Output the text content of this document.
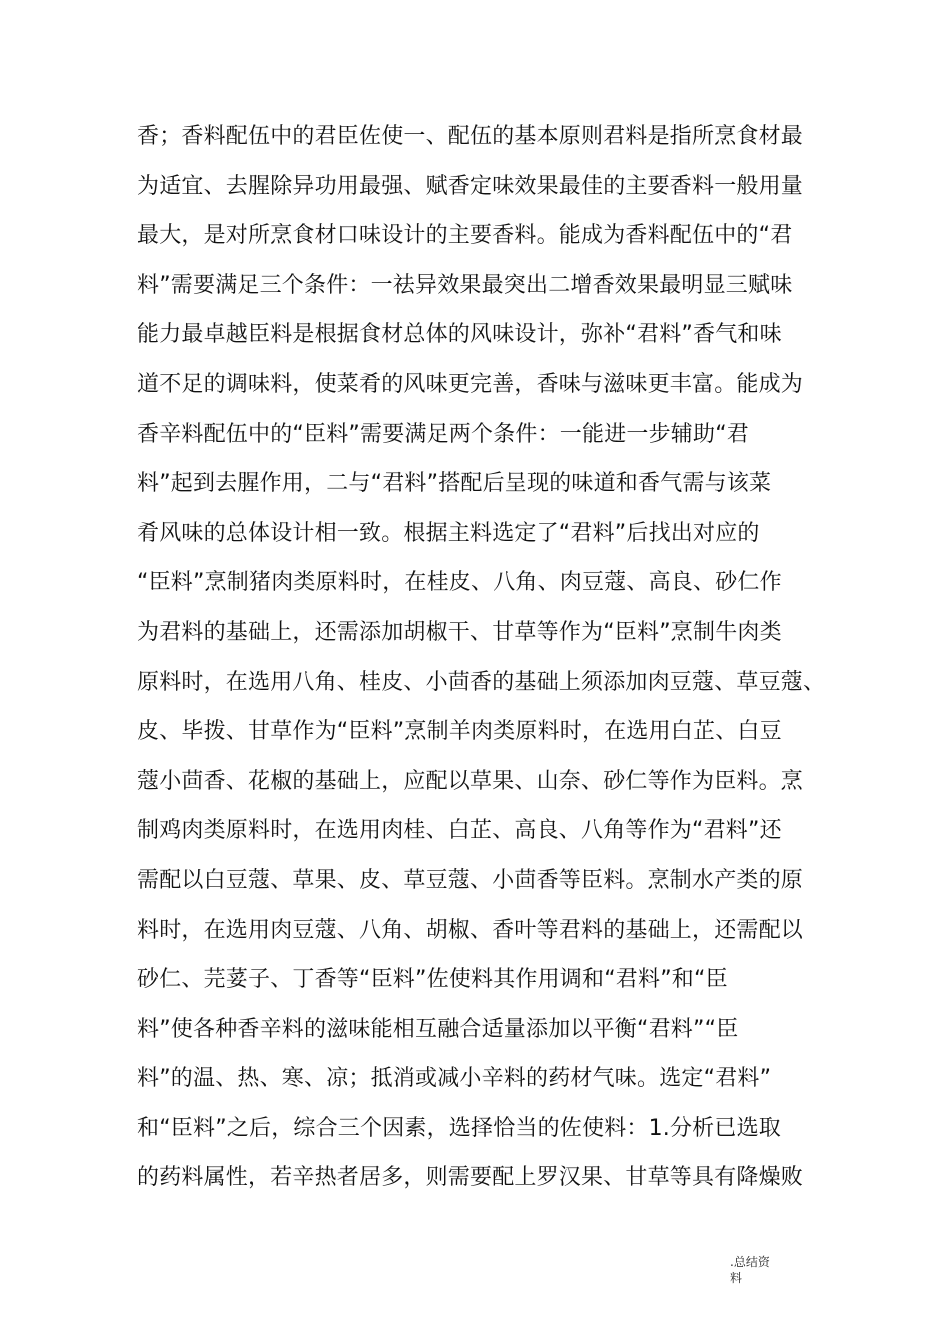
香；香料配伍中的君臣佐使一、配伍的基本原则君料是指所烹食材最
为适宜、去腥除异功用最强、赋香定味效果最佳的主要香料一般用量
最大，是对所烹食材口味设计的主要香料。能成为香料配伍中的“君
料”需要满足三个条件：一祛异效果最突出二增香效果最明显三赋味
能力最卓越臣料是根据食材总体的风味设计，弥补“君料”香气和味
道不足的调味料，使菜肴的风味更完善，香味与滋味更丰富。能成为
香辛料配伍中的“臣料”需要满足两个条件：一能进一步辅助“君
料”起到去腥作用，二与“君料”搭配后呈现的味道和香气需与该菜
肴风味的总体设计相一致。根据主料选定了“君料”后找出对应的
“臣料”烹制猪肉类原料时，在桂皮、八角、肉豆蔻、高良、砂仁作
为君料的基础上，还需添加胡椒干、甘草等作为“臣料”烹制牛肉类
原料时，在选用八角、桂皮、小茴香的基础上须添加肉豆蔻、草豆蔻、
皮、毕拨、甘草作为“臣料”烹制羊肉类原料时，在选用白芷、白豆
蔻小茴香、花椒的基础上，应配以草果、山奈、砂仁等作为臣料。烹
制鸡肉类原料时，在选用肉桂、白芷、高良、八角等作为“君料”还
需配以白豆蔻、草果、皮、草豆蔻、小茴香等臣料。烹制水产类的原
料时，在选用肉豆蔻、八角、胡椒、香叶等君料的基础上，还需配以
砂仁、芫荽子、丁香等“臣料”佐使料其作用调和“君料”和“臣
料”使各种香辛料的滋味能相互融合适量添加以平衡“君料”“臣
料”的温、热、寒、凉；抵消或减小辛料的药材气味。选定“君料”
和“臣料”之后，综合三个因素，选择恰当的佐使料：1.分析已选取
的药料属性，若辛热者居多，则需要配上罗汉果、甘草等具有降燥败
.总结资
料
